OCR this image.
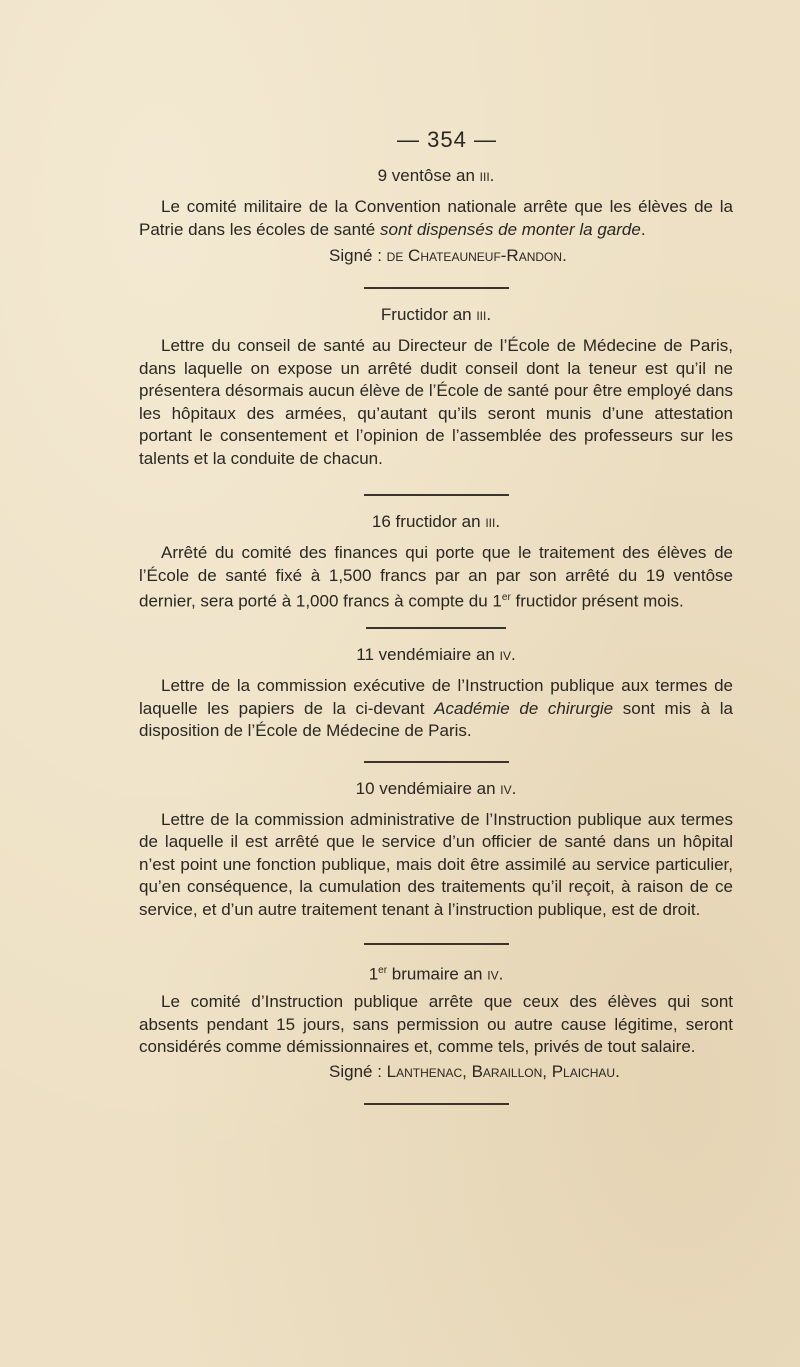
— 354 —
9 ventôse an iii.

Le comité militaire de la Convention nationale arrête que les élèves de la Patrie dans les écoles de santé sont dispensés de monter la garde.

Signé : de Chateauneuf-Randon.
Fructidor an iii.

Lettre du conseil de santé au Directeur de l’École de Médecine de Paris, dans laquelle on expose un arrêté dudit conseil dont la teneur est qu’il ne présentera désormais aucun élève de l’École de santé pour être employé dans les hôpitaux des armées, qu’autant qu’ils seront munis d’une attestation portant le consentement et l’opinion de l’assemblée des professeurs sur les talents et la conduite de chacun.

16 fructidor an iii.

Arrêté du comité des finances qui porte que le traitement des élèves de l’École de santé fixé à 1,500 francs par an par son arrêté du 19 ventôse dernier, sera porté à 1,000 francs à compte du 1er fructidor présent mois.

11 vendémiaire an iv.

Lettre de la commission exécutive de l’Instruction publique aux termes de laquelle les papiers de la ci-devant Académie de chirurgie sont mis à la disposition de l’École de Médecine de Paris.

10 vendémiaire an iv.

Lettre de la commission administrative de l’Instruction publique aux termes de laquelle il est arrêté que le service d’un officier de santé dans un hôpital n’est point une fonction publique, mais doit être assimilé au service particulier, qu’en conséquence, la cumulation des traitements qu’il reçoit, à raison de ce service, et d’un autre traitement tenant à l’instruction publique, est de droit.

1er brumaire an iv.

Le comité d’Instruction publique arrête que ceux des élèves qui sont absents pendant 15 jours, sans permission ou autre cause légitime, seront considérés comme démissionnaires et, comme tels, privés de tout salaire.

Signé : Lanthenac, Baraillon, Plaichau.
